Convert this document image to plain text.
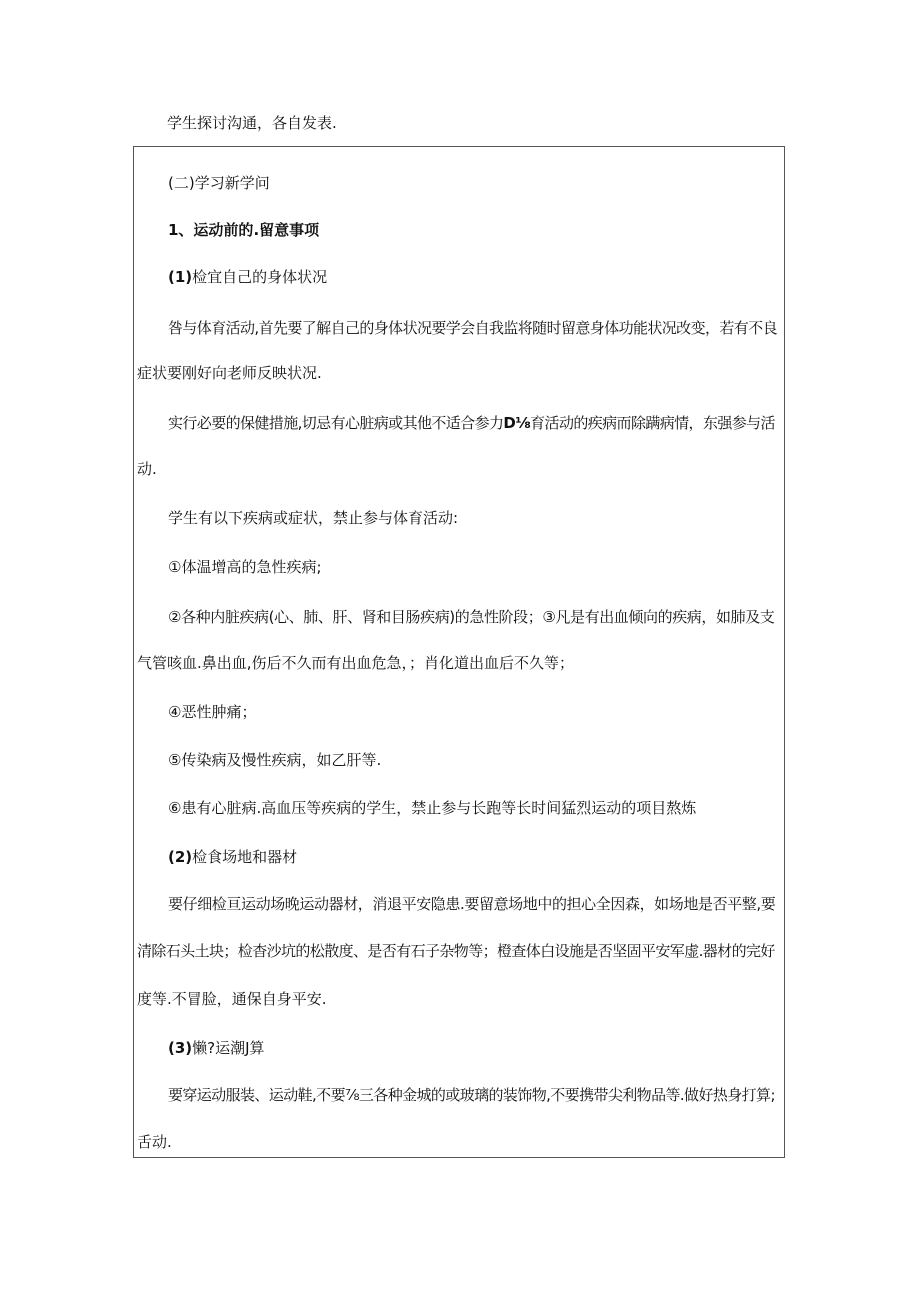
学生探讨沟通，各自发表.

(二)学习新学问

1、运动前的.留意事项

(1)检宜自己的身体状况

咎与体育活动,首先要了解自己的身体状况要学会自我监将随时留意身体功能状况改变，若有不良

症状要刚好向老师反映状况.

实行必要的保健措施,切忌有心脏病或其他不适合参力D⅛育活动的疾病而除蹒病情，东强参与活

动.

学生有以下疾病或症状，禁止参与体育活动:

①体温增高的急性疾病;

②各种内脏疾病(心、肺、肝、肾和目肠疾病)的急性阶段；③凡是有出血倾向的疾病，如肺及支

气管咳血.鼻出血,伤后不久而有出血危急，；肖化道出血后不久等；

④恶性肿痛；

⑤传染病及慢性疾病，如乙肝等.

⑥患有心脏病.高血压等疾病的学生，禁止参与长跑等长时间猛烈运动的项目熬炼

(2)检食场地和器材

要仔细检亘运动场晚运动器材，消退平安隐患.要留意场地中的担心全因森，如场地是否平整,要

清除石头土块；检杳沙坑的松散度、是否有石子杂物等；橙查体白设施是否坚固平安军虚.器材的完好

度等.不冒脸，通保自身平安.

(3)懒?运潮J算

要穿运动服装、运动鞋,不要⅞三各种金城的或玻璃的装饰物,不要携带尖利物品等.做好热身打算;

舌动.
